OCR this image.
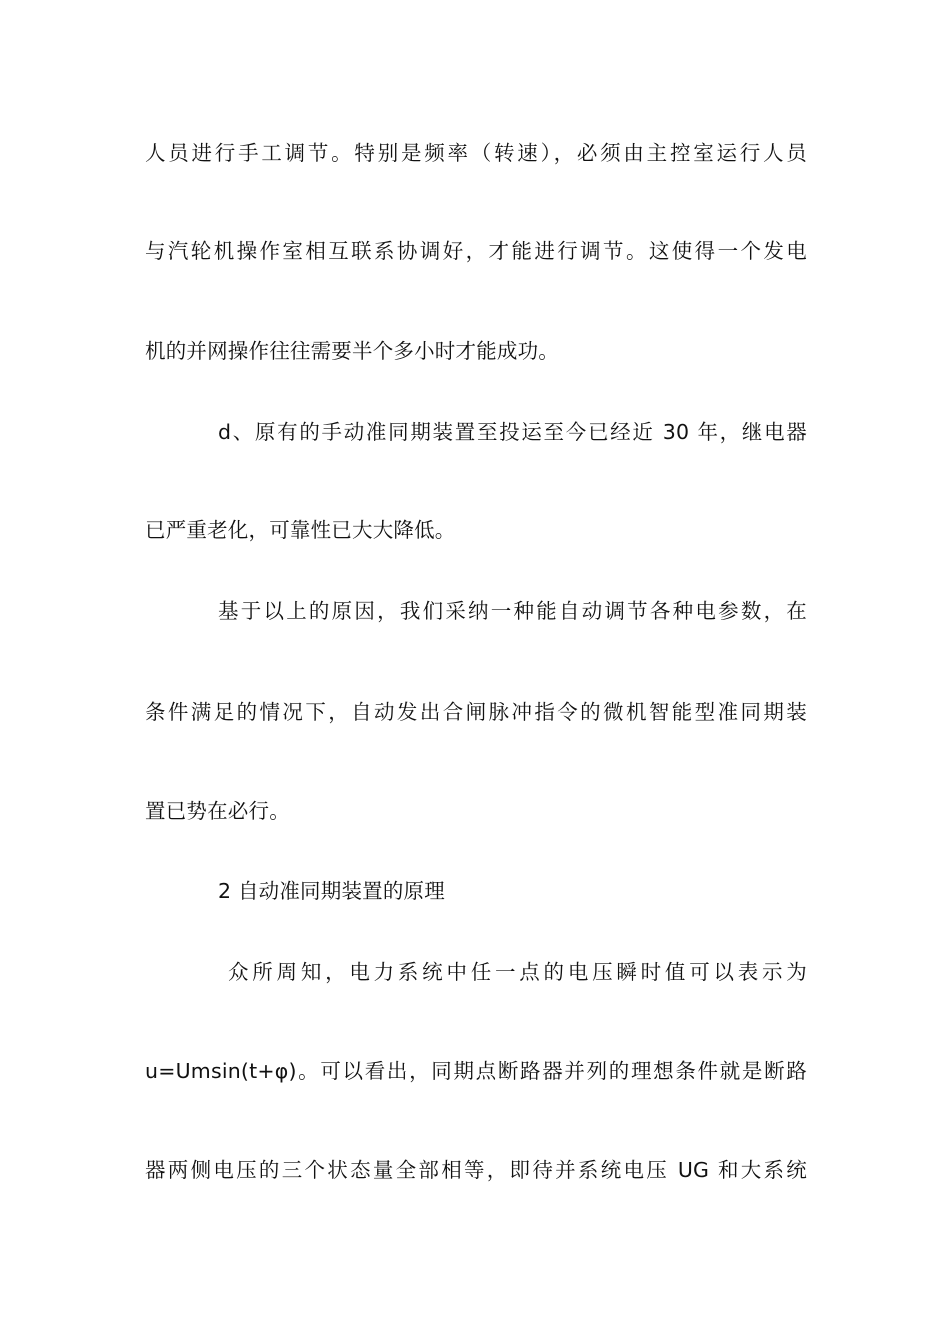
人员进行手工调节。特别是频率（转速），必须由主控室运行人员

与汽轮机操作室相互联系协调好，才能进行调节。这使得一个发电

机的并网操作往往需要半个多小时才能成功。

d、原有的手动准同期装置至投运至今已经近 30 年，继电器

已严重老化，可靠性已大大降低。

基于以上的原因，我们采纳一种能自动调节各种电参数，在

条件满足的情况下，自动发出合闸脉冲指令的微机智能型准同期装

置已势在必行。

2 自动准同期装置的原理

众所周知，电力系统中任一点的电压瞬时值可以表示为

u=Umsin(t+φ)。可以看出，同期点断路器并列的理想条件就是断路

器两侧电压的三个状态量全部相等，即待并系统电压 UG 和大系统
